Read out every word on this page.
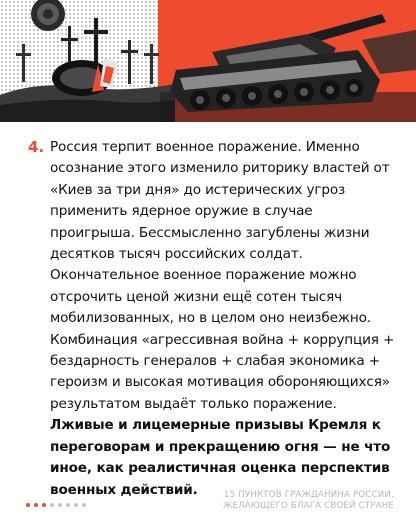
4. Россия терпит военное поражение. Именно осознание этого изменило риторику властей от «Киев за три дня» до истерических угроз применить ядерное оружие в случае проигрыша. Бессмысленно загублены жизни десятков тысяч российских солдат. Окончательное военное поражение можно отсрочить ценой жизни ещё сотен тысяч мобилизованных, но в целом оно неизбежно. Комбинация «агрессивная война + коррупция + бездарность генералов + слабая экономика + героизм и высокая мотивация обороняющихся» результатом выдаёт только поражение. Лживые и лицемерные призывы Кремля к переговорам и прекращению огня — не что иное, как реалистичная оценка перспектив военных действий.	15 ПУНКТОВ ГРАЖДАНИНА РОССИИ,
ЖЕЛАЮЩЕГО БЛАГА СВОЕЙ СТРАНЕ
